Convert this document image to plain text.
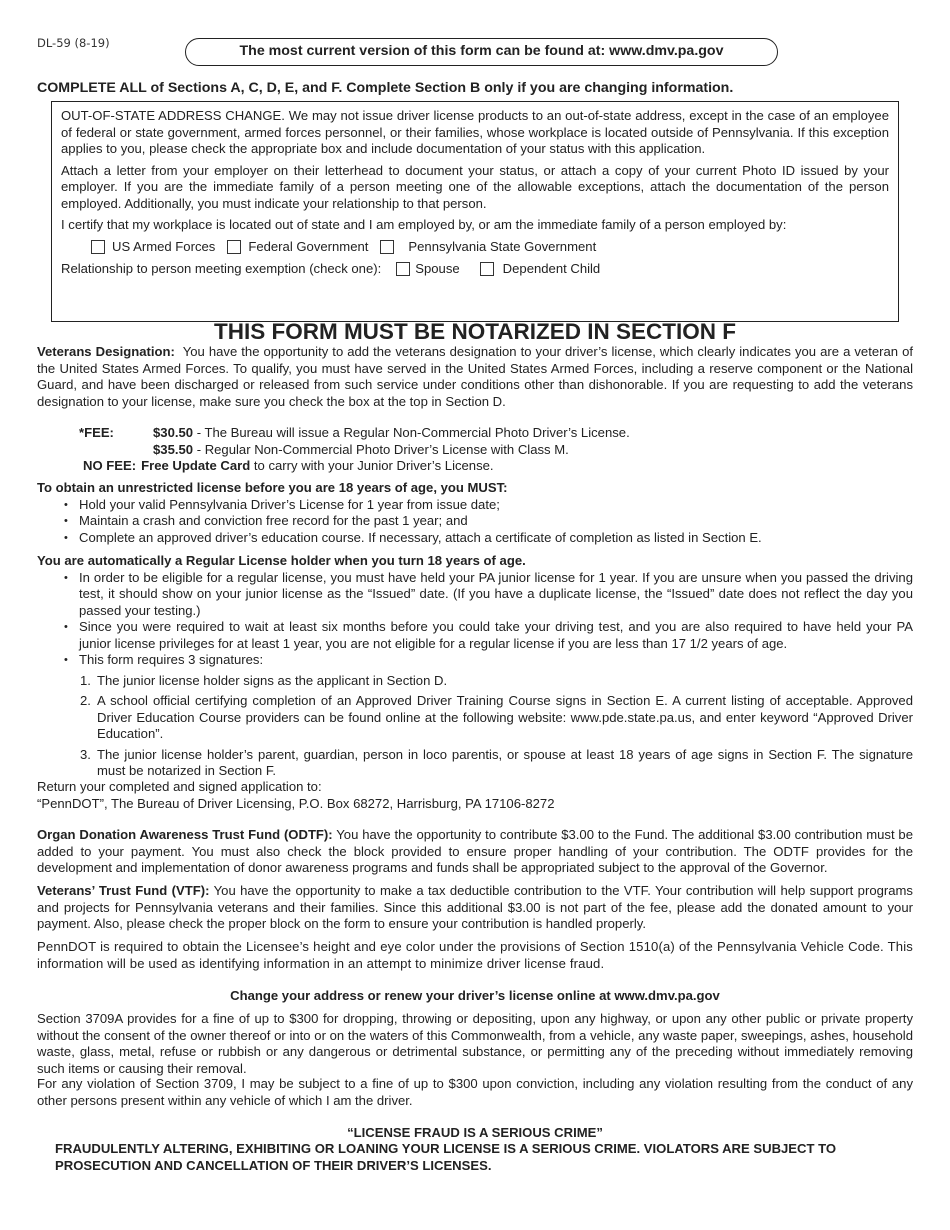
DL-59 (8-19)	The most current version of this form can be found at: www.dmv.pa.gov
COMPLETE ALL of Sections A, C, D, E, and F. Complete Section B only if you are changing information.

OUT-OF-STATE ADDRESS CHANGE. We may not issue driver license products to an out-of-state address, except in the case of an employee of federal or state government, armed forces personnel, or their families, whose workplace is located outside of Pennsylvania. If this exception applies to you, please check the appropriate box and include documentation of your status with this application.

Attach a letter from your employer on their letterhead to document your status, or attach a copy of your current Photo ID issued by your employer. If you are the immediate family of a person meeting one of the allowable exceptions, attach the documentation of the person employed. Additionally, you must indicate your relationship to that person.

I certify that my workplace is located out of state and I am employed by, or am the immediate family of a person employed by:

US Armed Forces	Federal Government	Pennsylvania State Government
Relationship to person meeting exemption (check one):	Spouse	Dependent Child
THIS FORM MUST BE NOTARIZED IN SECTION F
Veterans Designation: You have the opportunity to add the veterans designation to your driver’s license, which clearly indicates you are a veteran of the United States Armed Forces. To qualify, you must have served in the United States Armed Forces, including a reserve component or the National Guard, and have been discharged or released from such service under conditions other than dishonorable. If you are requesting to add the veterans designation to your license, make sure you check the box at the top in Section D.
*FEE:	$30.50 - The Bureau will issue a Regular Non-Commercial Photo Driver’s License.
$35.50 - Regular Non-Commercial Photo Driver’s License with Class M.
NO FEE: Free Update Card to carry with your Junior Driver’s License.
To obtain an unrestricted license before you are 18 years of age, you MUST:
• Hold your valid Pennsylvania Driver’s License for 1 year from issue date;
• Maintain a crash and conviction free record for the past 1 year; and
• Complete an approved driver’s education course. If necessary, attach a certificate of completion as listed in Section E.
You are automatically a Regular License holder when you turn 18 years of age.
• In order to be eligible for a regular license, you must have held your PA junior license for 1 year. If you are unsure when you passed the driving test, it should show on your junior license as the “Issued” date. (If you have a duplicate license, the “Issued” date does not reflect the day you passed your testing.)
• Since you were required to wait at least six months before you could take your driving test, and you are also required to have held your PA junior license privileges for at least 1 year, you are not eligible for a regular license if you are less than 17 1/2 years of age.
• This form requires 3 signatures:
1. The junior license holder signs as the applicant in Section D.
2. A school official certifying completion of an Approved Driver Training Course signs in Section E. A current listing of acceptable. Approved Driver Education Course providers can be found online at the following website: www.pde.state.pa.us, and enter keyword “Approved Driver Education”.
3. The junior license holder’s parent, guardian, person in loco parentis, or spouse at least 18 years of age signs in Section F. The signature must be notarized in Section F.
Return your completed and signed application to:
“PennDOT”, The Bureau of Driver Licensing, P.O. Box 68272, Harrisburg, PA 17106-8272
Organ Donation Awareness Trust Fund (ODTF): You have the opportunity to contribute $3.00 to the Fund. The additional $3.00 contribution must be added to your payment. You must also check the block provided to ensure proper handling of your contribution. The ODTF provides for the development and implementation of donor awareness programs and funds shall be appropriated subject to the approval of the Governor.
Veterans’ Trust Fund (VTF): You have the opportunity to make a tax deductible contribution to the VTF. Your contribution will help support programs and projects for Pennsylvania veterans and their families. Since this additional $3.00 is not part of the fee, please add the donated amount to your payment. Also, please check the proper block on the form to ensure your contribution is handled properly.
PennDOT is required to obtain the Licensee’s height and eye color under the provisions of Section 1510(a) of the Pennsylvania Vehicle Code. This information will be used as identifying information in an attempt to minimize driver license fraud.
Change your address or renew your driver’s license online at www.dmv.pa.gov
Section 3709A provides for a fine of up to $300 for dropping, throwing or depositing, upon any highway, or upon any other public or private property without the consent of the owner thereof or into or on the waters of this Commonwealth, from a vehicle, any waste paper, sweepings, ashes, household waste, glass, metal, refuse or rubbish or any dangerous or detrimental substance, or permitting any of the preceding without immediately removing such items or causing their removal.
For any violation of Section 3709, I may be subject to a fine of up to $300 upon conviction, including any violation resulting from the conduct of any other persons present within any vehicle of which I am the driver.
“LICENSE FRAUD IS A SERIOUS CRIME”
FRAUDULENTLY ALTERING, EXHIBITING OR LOANING YOUR LICENSE IS A SERIOUS CRIME. VIOLATORS ARE SUBJECT TO PROSECUTION AND CANCELLATION OF THEIR DRIVER’S LICENSES.
